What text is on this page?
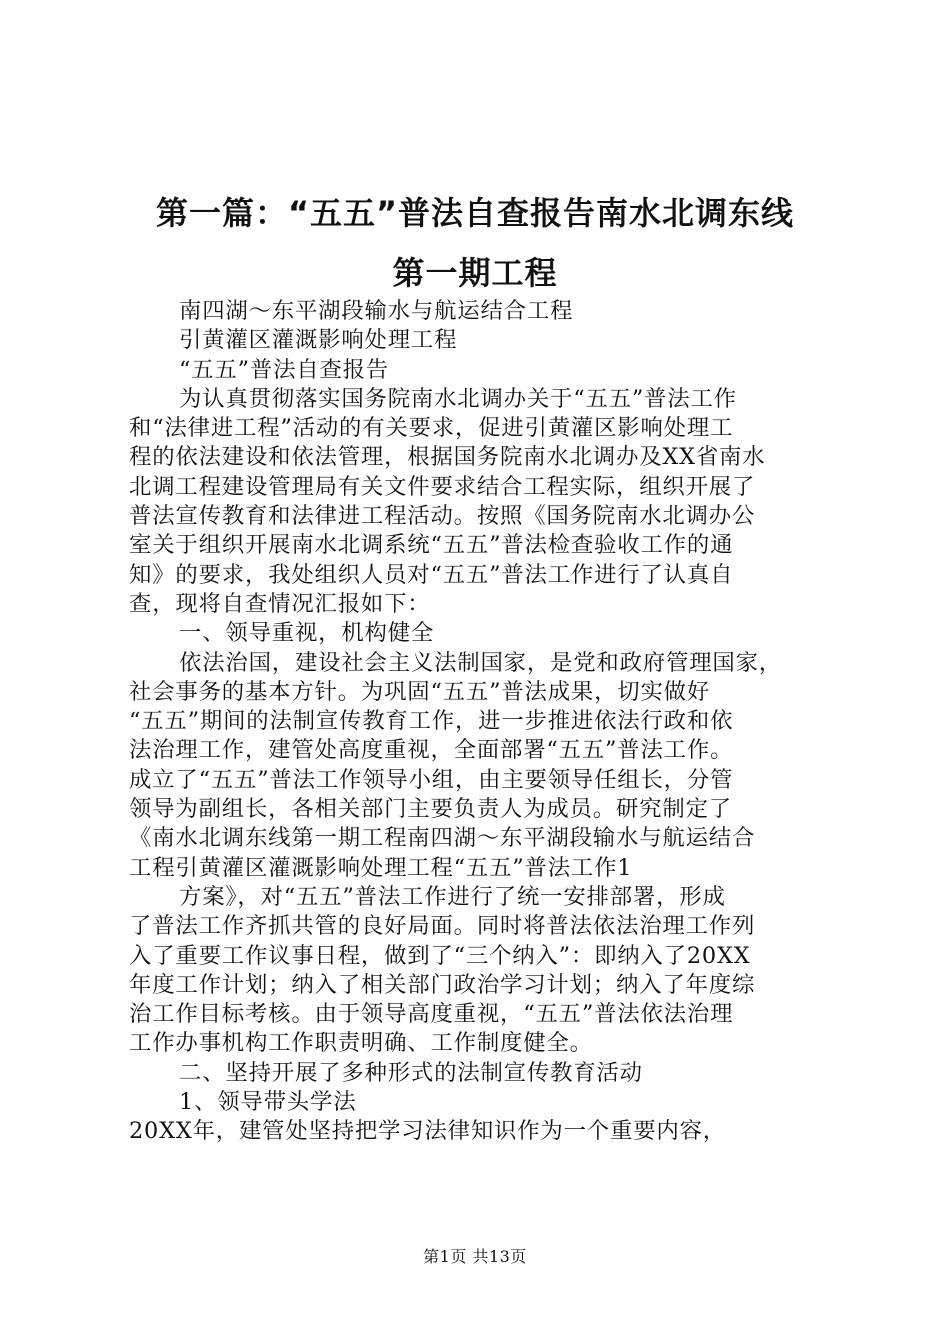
第一篇：“五五”普法自查报告南水北调东线
第一期工程
南四湖～东平湖段输水与航运结合工程
引黄灌区灌溉影响处理工程
“五五”普法自查报告
为认真贯彻落实国务院南水北调办关于“五五”普法工作
和“法律进工程”活动的有关要求，促进引黄灌区影响处理工
程的依法建设和依法管理，根据国务院南水北调办及XX省南水
北调工程建设管理局有关文件要求结合工程实际，组织开展了
普法宣传教育和法律进工程活动。按照《国务院南水北调办公
室关于组织开展南水北调系统“五五”普法检查验收工作的通
知》的要求，我处组织人员对“五五”普法工作进行了认真自
查，现将自查情况汇报如下：
一、领导重视，机构健全
依法治国，建设社会主义法制国家，是党和政府管理国家，
社会事务的基本方针。为巩固“五五”普法成果，切实做好
“五五”期间的法制宣传教育工作，进一步推进依法行政和依
法治理工作，建管处高度重视，全面部署“五五”普法工作。
成立了“五五”普法工作领导小组，由主要领导任组长，分管
领导为副组长，各相关部门主要负责人为成员。研究制定了
《南水北调东线第一期工程南四湖～东平湖段输水与航运结合
工程引黄灌区灌溉影响处理工程“五五”普法工作1
方案》，对“五五”普法工作进行了统一安排部署，形成
了普法工作齐抓共管的良好局面。同时将普法依法治理工作列
入了重要工作议事日程，做到了“三个纳入”：即纳入了20XX
年度工作计划；纳入了相关部门政治学习计划；纳入了年度综
治工作目标考核。由于领导高度重视，“五五”普法依法治理
工作办事机构工作职责明确、工作制度健全。
二、坚持开展了多种形式的法制宣传教育活动
1、领导带头学法
20XX年，建管处坚持把学习法律知识作为一个重要内容，
第1页 共13页
